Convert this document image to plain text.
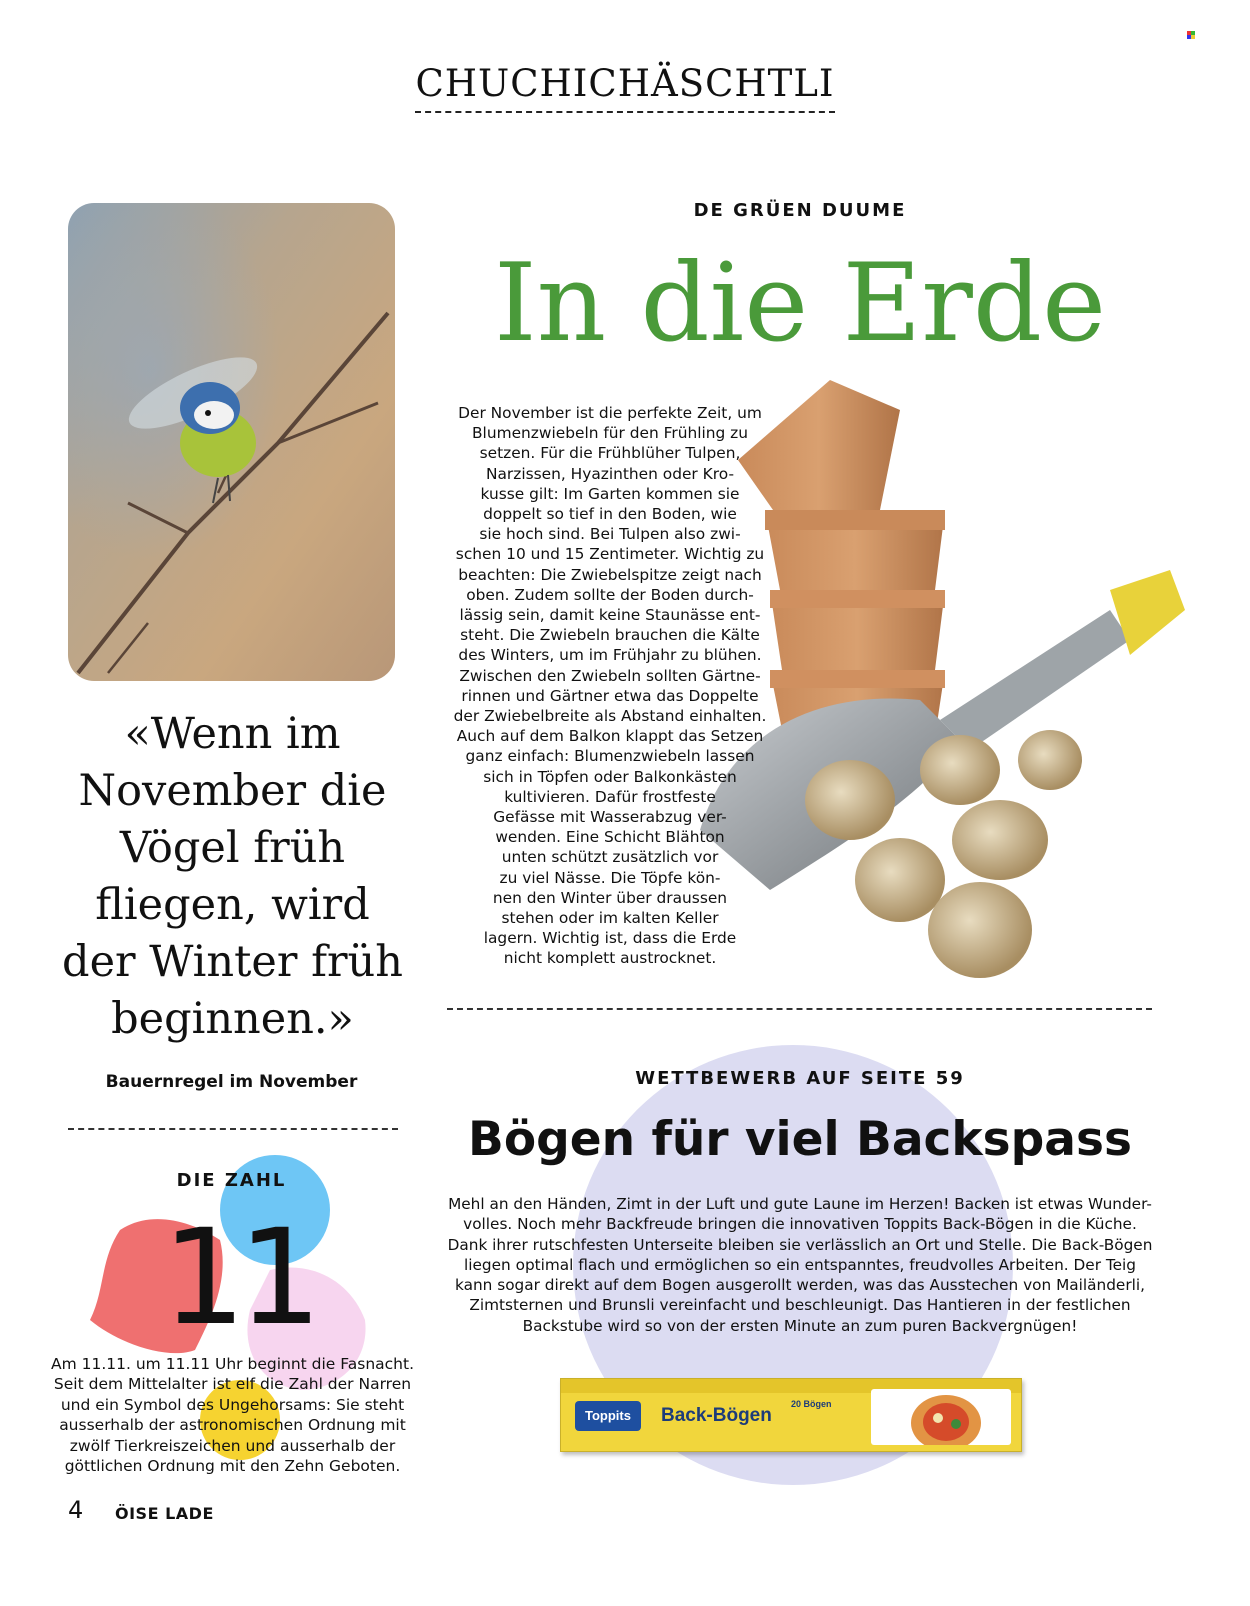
CHUCHICHÄSCHTLI
«Wenn im
November die
Vögel früh
fliegen, wird
der Winter früh
beginnen.»
Bauernregel im November
DIE ZAHL
11
Am 11.11. um 11.11 Uhr beginnt die Fasnacht.
Seit dem Mittelalter ist elf die Zahl der Narren
und ein Symbol des Ungehorsams: Sie steht
ausserhalb der astronomischen Ordnung mit
zwölf Tierkreiszeichen und ausserhalb der
göttlichen Ordnung mit den Zehn Geboten.
4 ÖISE LADE
DE GRÜEN DUUME
In die Erde
Der November ist die perfekte Zeit, um
Blumenzwiebeln für den Frühling zu
setzen. Für die Frühblüher Tulpen,
Narzissen, Hyazinthen oder Kro-
kusse gilt: Im Garten kommen sie
doppelt so tief in den Boden, wie
sie hoch sind. Bei Tulpen also zwi-
schen 10 und 15 Zentimeter. Wichtig zu
beachten: Die Zwiebelspitze zeigt nach
oben. Zudem sollte der Boden durch-
lässig sein, damit keine Staunässe ent-
steht. Die Zwiebeln brauchen die Kälte
des Winters, um im Frühjahr zu blühen.
Zwischen den Zwiebeln sollten Gärtne-
rinnen und Gärtner etwa das Doppelte
der Zwiebelbreite als Abstand einhalten.
Auch auf dem Balkon klappt das Setzen
ganz einfach: Blumenzwiebeln lassen
sich in Töpfen oder Balkonkästen
kultivieren. Dafür frostfeste
Gefässe mit Wasserabzug ver-
wenden. Eine Schicht Blähton
unten schützt zusätzlich vor
zu viel Nässe. Die Töpfe kön-
nen den Winter über draussen
stehen oder im kalten Keller
lagern. Wichtig ist, dass die Erde
nicht komplett austrocknet.
WETTBEWERB AUF SEITE 59
Bögen für viel Backspass
Mehl an den Händen, Zimt in der Luft und gute Laune im Herzen! Backen ist etwas Wunder-
volles. Noch mehr Backfreude bringen die innovativen Toppits Back-Bögen in die Küche.
Dank ihrer rutschfesten Unterseite bleiben sie verlässlich an Ort und Stelle. Die Back-Bögen
liegen optimal flach und ermöglichen so ein entspanntes, freudvolles Arbeiten. Der Teig
kann sogar direkt auf dem Bogen ausgerollt werden, was das Ausstechen von Mailänderli,
Zimtsternen und Brunsli vereinfacht und beschleunigt. Das Hantieren in der festlichen
Backstube wird so von der ersten Minute an zum puren Backvergnügen!
Toppits	Back-Bögen
20 Bögen
